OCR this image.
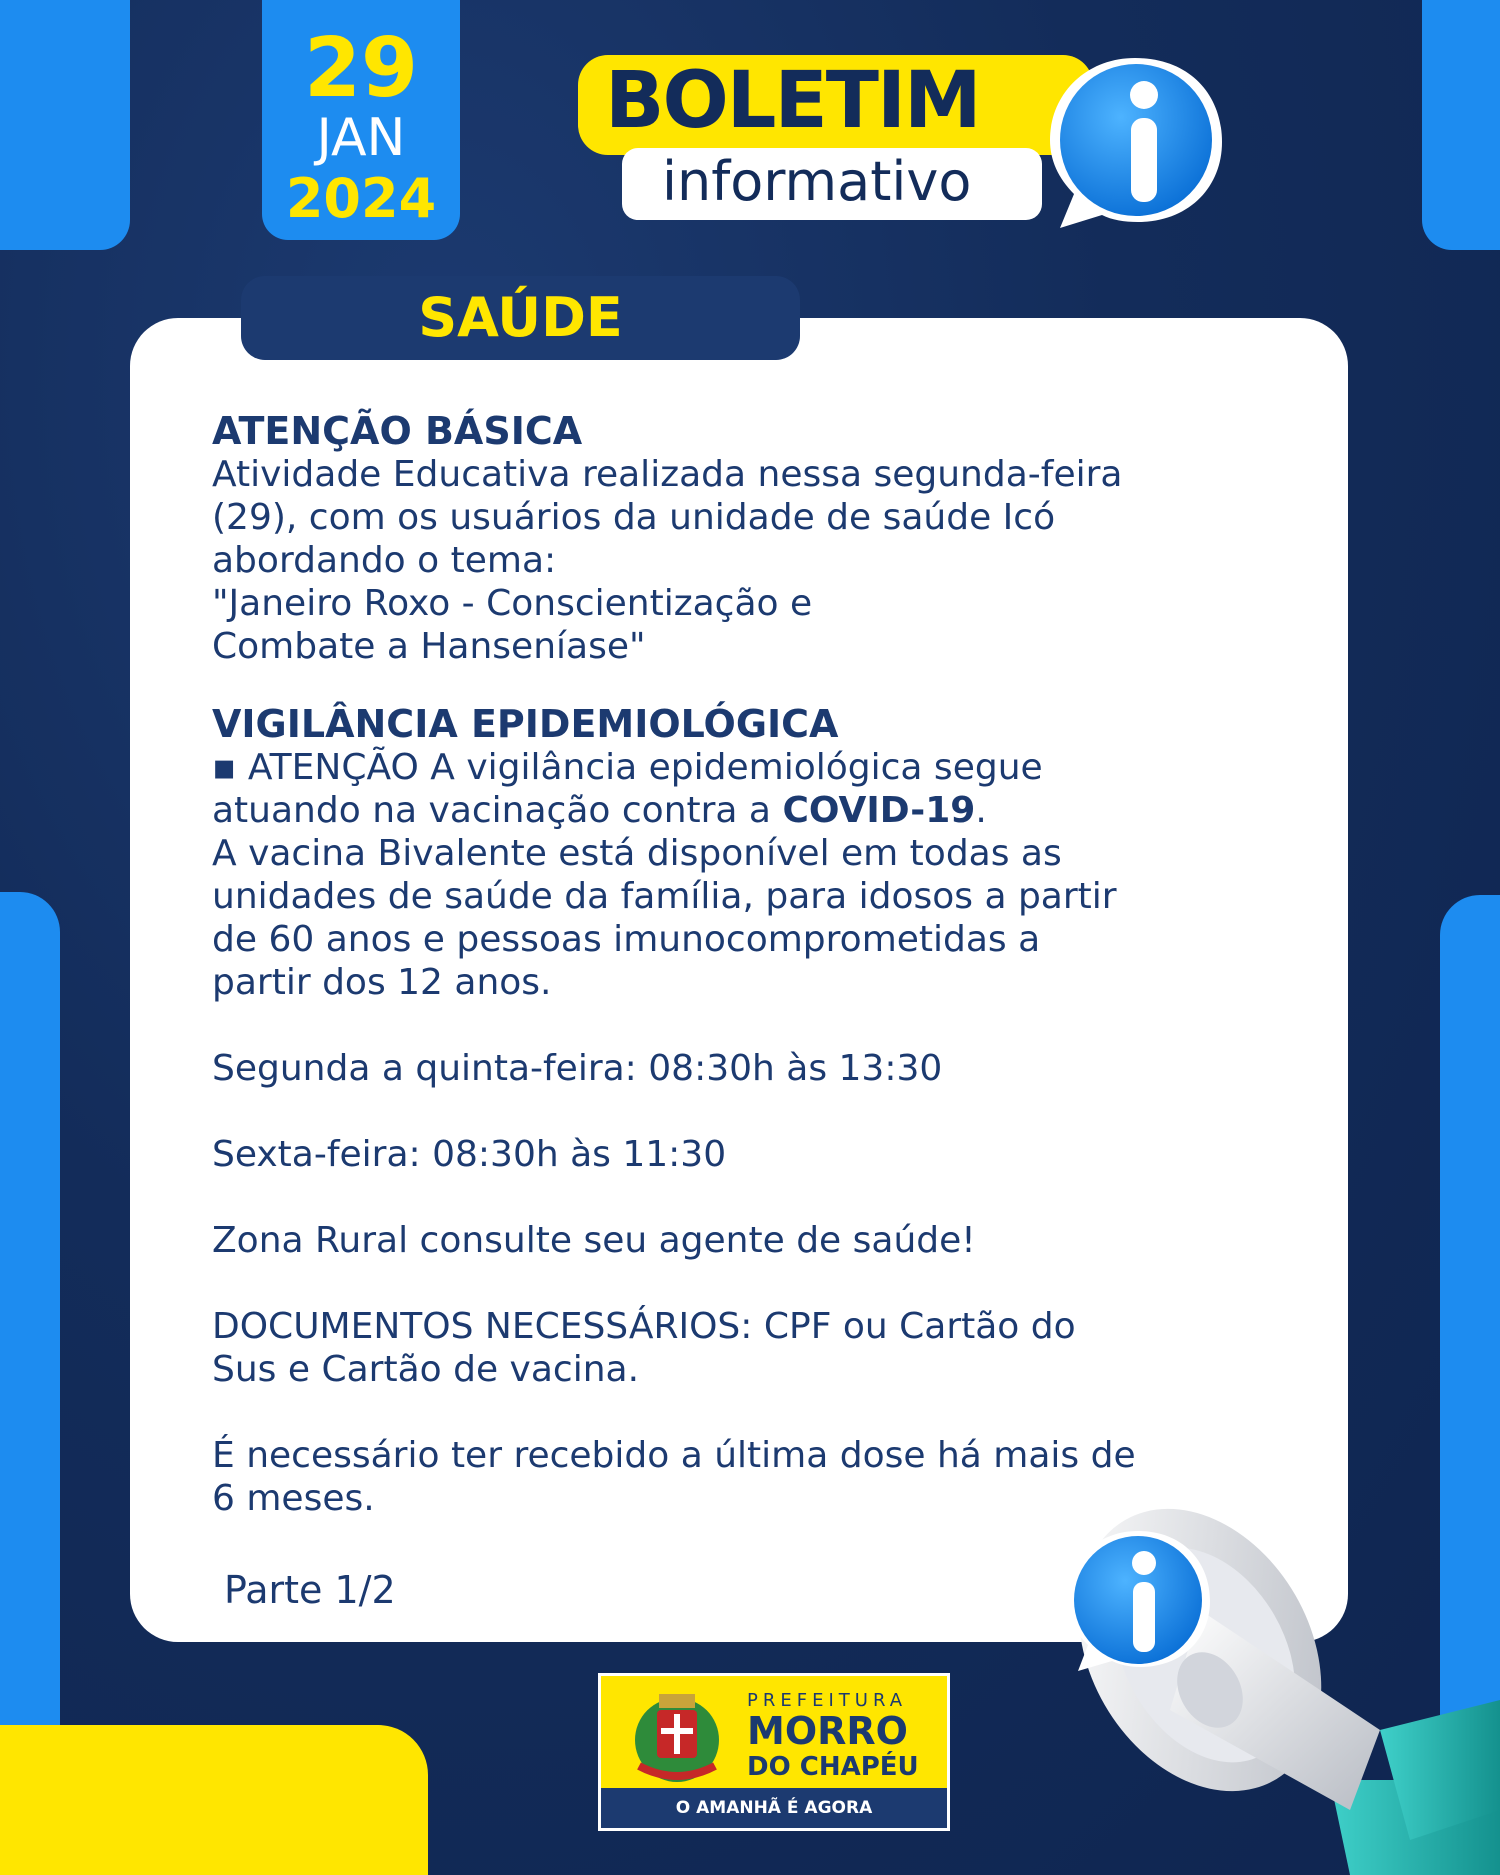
29
JAN
2024
BOLETIM
informativo
SAÚDE

ATENÇÃO BÁSICA

Atividade Educativa realizada nessa segunda-feira

(29), com os usuários da unidade de saúde Icó

abordando o tema:

"Janeiro Roxo - Conscientização e

Combate a Hanseníase"

VIGILÂNCIA EPIDEMIOLÓGICA

▪ ATENÇÃO A vigilância epidemiológica segue

atuando na vacinação contra a COVID-19.

A vacina Bivalente está disponível em todas as

unidades de saúde da família, para idosos a partir

de 60 anos e pessoas imunocomprometidas a

partir dos 12 anos.

Segunda a quinta-feira: 08:30h às 13:30

Sexta-feira: 08:30h às 11:30

Zona Rural consulte seu agente de saúde!

DOCUMENTOS NECESSÁRIOS: CPF ou Cartão do

Sus e Cartão de vacina.

É necessário ter recebido a última dose há mais de

6 meses.

Parte 1/2
PREFEITURA
MORRO
DO CHAPÉU
O AMANHÃ É AGORA
